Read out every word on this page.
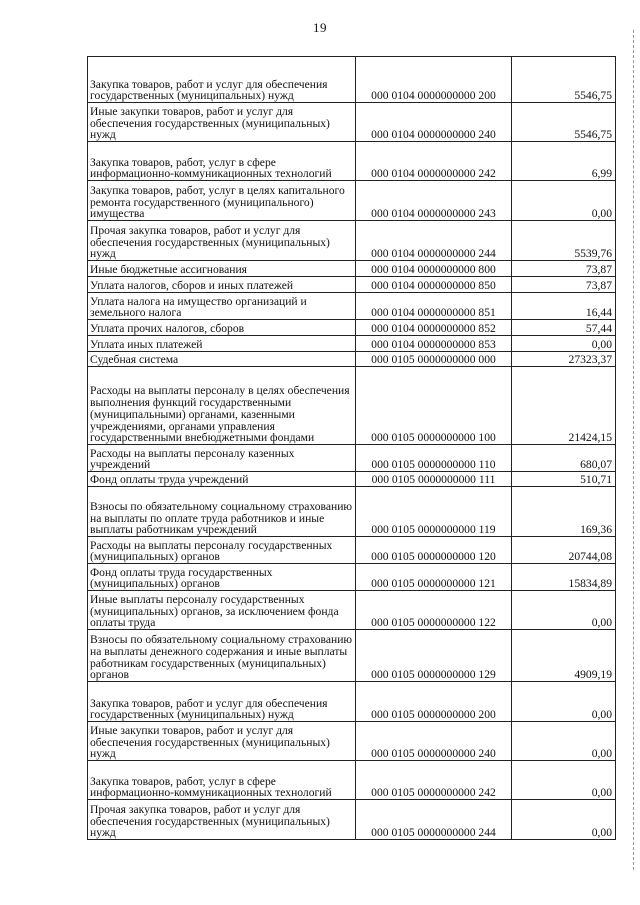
19
Закупка товаров, работ и услуг для обеспечения государственных (муниципальных) нужд	000 0104 0000000000 200	5546,75
Иные закупки товаров, работ и услуг для обеспечения государственных (муниципальных) нужд	000 0104 0000000000 240	5546,75
Закупка товаров, работ, услуг в сфере информационно-коммуникационных технологий	000 0104 0000000000 242	6,99
Закупка товаров, работ, услуг в целях капитального ремонта государственного (муниципального) имущества	000 0104 0000000000 243	0,00
Прочая закупка товаров, работ и услуг для обеспечения государственных (муниципальных) нужд	000 0104 0000000000 244	5539,76
Иные бюджетные ассигнования	000 0104 0000000000 800	73,87
Уплата налогов, сборов и иных платежей	000 0104 0000000000 850	73,87
Уплата налога на имущество организаций и земельного налога	000 0104 0000000000 851	16,44
Уплата прочих налогов, сборов	000 0104 0000000000 852	57,44
Уплата иных платежей	000 0104 0000000000 853	0,00
Судебная система	000 0105 0000000000 000	27323,37
Расходы на выплаты персоналу в целях обеспечения выполнения функций государственными (муниципальными) органами, казенными учреждениями, органами управления государственными внебюджетными фондами	000 0105 0000000000 100	21424,15
Расходы на выплаты персоналу казенных учреждений	000 0105 0000000000 110	680,07
Фонд оплаты труда учреждений	000 0105 0000000000 111	510,71
Взносы по обязательному социальному страхованию на выплаты по оплате труда работников и иные выплаты работникам учреждений	000 0105 0000000000 119	169,36
Расходы на выплаты персоналу государственных (муниципальных) органов	000 0105 0000000000 120	20744,08
Фонд оплаты труда государственных (муниципальных) органов	000 0105 0000000000 121	15834,89
Иные выплаты персоналу государственных (муниципальных) органов, за исключением фонда оплаты труда	000 0105 0000000000 122	0,00
Взносы по обязательному социальному страхованию на выплаты денежного содержания и иные выплаты работникам государственных (муниципальных) органов	000 0105 0000000000 129	4909,19
Закупка товаров, работ и услуг для обеспечения государственных (муниципальных) нужд	000 0105 0000000000 200	0,00
Иные закупки товаров, работ и услуг для обеспечения государственных (муниципальных) нужд	000 0105 0000000000 240	0,00
Закупка товаров, работ, услуг в сфере информационно-коммуникационных технологий	000 0105 0000000000 242	0,00
Прочая закупка товаров, работ и услуг для обеспечения государственных (муниципальных) нужд	000 0105 0000000000 244	0,00
